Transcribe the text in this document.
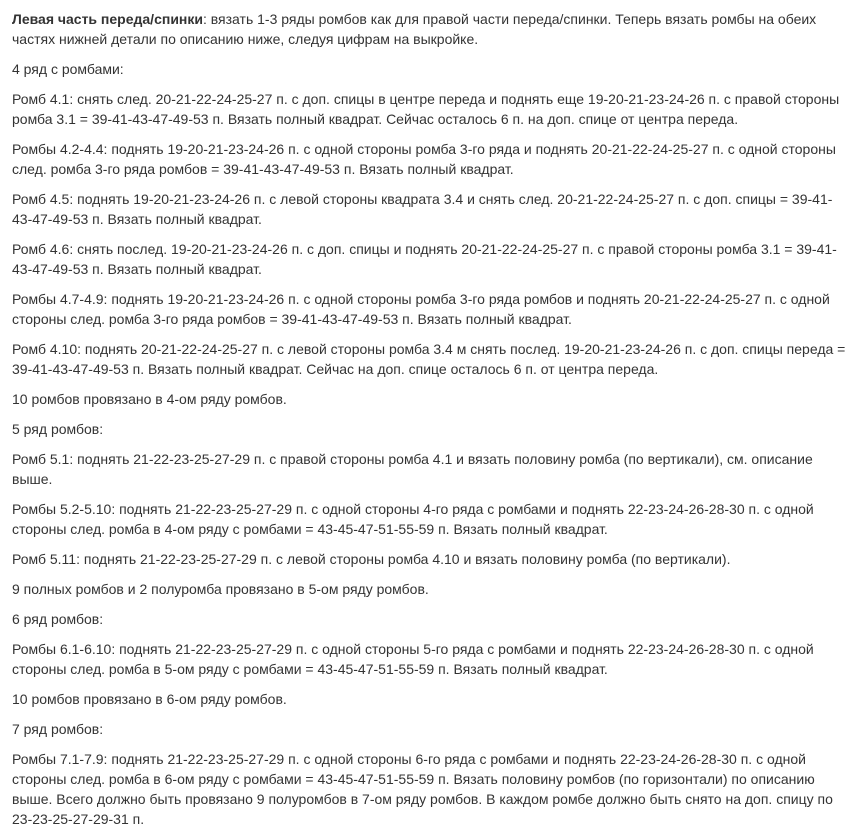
Левая часть переда/спинки: вязать 1-3 ряды ромбов как для правой части переда/спинки. Теперь вязать ромбы на обеих частях нижней детали по описанию ниже, следуя цифрам на выкройке.

4 ряд с ромбами:

Ромб 4.1: снять след. 20-21-22-24-25-27 п. с доп. спицы в центре переда и поднять еще 19-20-21-23-24-26 п. с правой стороны ромба 3.1 = 39-41-43-47-49-53 п. Вязать полный квадрат. Сейчас осталось 6 п. на доп. спице от центра переда.

Ромбы 4.2-4.4: поднять 19-20-21-23-24-26 п. с одной стороны ромба 3-го ряда и поднять 20-21-22-24-25-27 п. с одной стороны след. ромба 3-го ряда ромбов = 39-41-43-47-49-53 п. Вязать полный квадрат.

Ромб 4.5: поднять 19-20-21-23-24-26 п. с левой стороны квадрата 3.4 и снять след. 20-21-22-24-25-27 п. с доп. спицы = 39-41-43-47-49-53 п. Вязать полный квадрат.

Ромб 4.6: снять послед. 19-20-21-23-24-26 п. с доп. спицы и поднять 20-21-22-24-25-27 п. с правой стороны ромба 3.1 = 39-41-43-47-49-53 п. Вязать полный квадрат.

Ромбы 4.7-4.9: поднять 19-20-21-23-24-26 п. с одной стороны ромба 3-го ряда ромбов и поднять 20-21-22-24-25-27 п. с одной стороны след. ромба 3-го ряда ромбов = 39-41-43-47-49-53 п. Вязать полный квадрат.

Ромб 4.10: поднять 20-21-22-24-25-27 п. с левой стороны ромба 3.4 м снять послед. 19-20-21-23-24-26 п. с доп. спицы переда = 39-41-43-47-49-53 п. Вязать полный квадрат. Сейчас на доп. спице осталось 6 п. от центра переда.

10 ромбов провязано в 4-ом ряду ромбов.

5 ряд ромбов:

Ромб 5.1: поднять 21-22-23-25-27-29 п. с правой стороны ромба 4.1 и вязать половину ромба (по вертикали), см. описание выше.

Ромбы 5.2-5.10: поднять 21-22-23-25-27-29 п. с одной стороны 4-го ряда с ромбами и поднять 22-23-24-26-28-30 п. с одной стороны след. ромба в 4-ом ряду с ромбами = 43-45-47-51-55-59 п. Вязать полный квадрат.

Ромб 5.11: поднять 21-22-23-25-27-29 п. с левой стороны ромба 4.10 и вязать половину ромба (по вертикали).

9 полных ромбов и 2 полуромба провязано в 5-ом ряду ромбов.

6 ряд ромбов:

Ромбы 6.1-6.10: поднять 21-22-23-25-27-29 п. с одной стороны 5-го ряда с ромбами и поднять 22-23-24-26-28-30 п. с одной стороны след. ромба в 5-ом ряду с ромбами = 43-45-47-51-55-59 п. Вязать полный квадрат.

10 ромбов провязано в 6-ом ряду ромбов.

7 ряд ромбов:

Ромбы 7.1-7.9: поднять 21-22-23-25-27-29 п. с одной стороны 6-го ряда с ромбами и поднять 22-23-24-26-28-30 п. с одной стороны след. ромба в 6-ом ряду с ромбами = 43-45-47-51-55-59 п. Вязать половину ромбов (по горизонтали) по описанию выше. Всего должно быть провязано 9 полуромбов в 7-ом ряду ромбов. В каждом ромбе должно быть снято на доп. спицу по 23-23-25-27-29-31 п.
